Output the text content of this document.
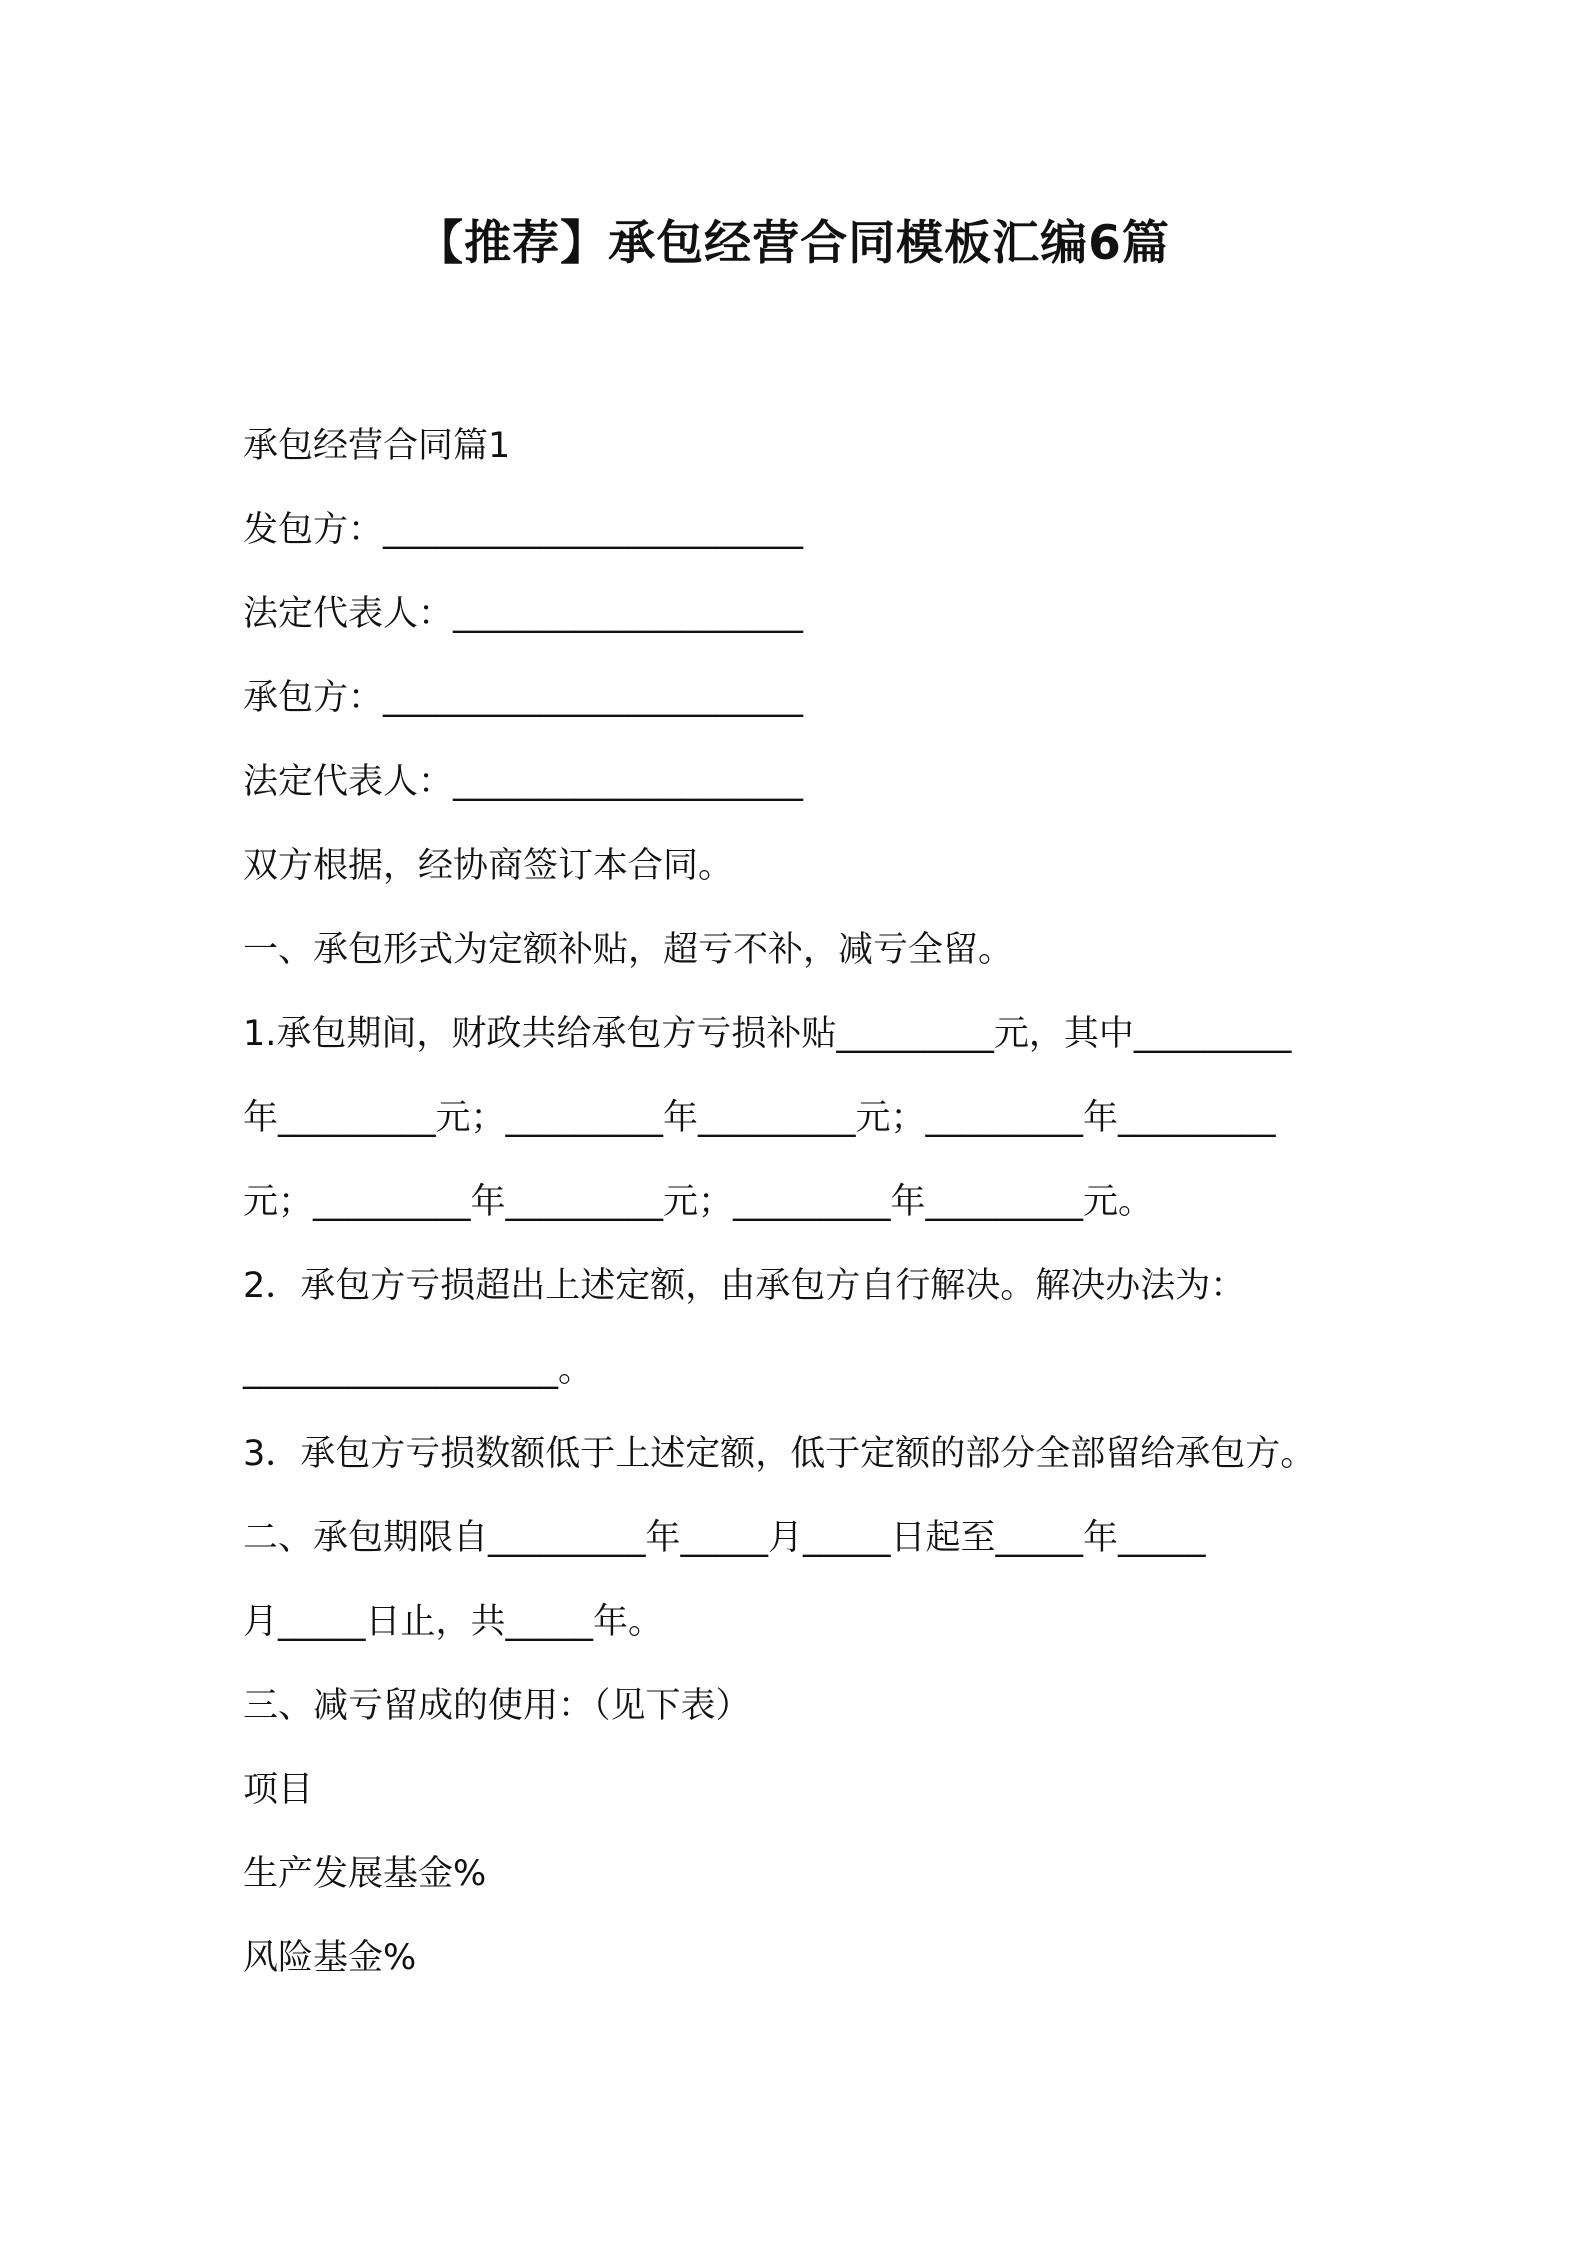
【推荐】承包经营合同模板汇编6篇
承包经营合同篇1
发包方：________________________
法定代表人：____________________
承包方：________________________
法定代表人：____________________
双方根据，经协商签订本合同。
一、承包形式为定额补贴，超亏不补，减亏全留。
1.承包期间，财政共给承包方亏损补贴_________元，其中_________
年_________元；_________年_________元；_________年_________
元；_________年_________元；_________年_________元。
2．承包方亏损超出上述定额，由承包方自行解决。解决办法为：
__________________。
3．承包方亏损数额低于上述定额，低于定额的部分全部留给承包方。
二、承包期限自_________年_____月_____日起至_____年_____
月_____日止，共_____年。
三、减亏留成的使用：（见下表）
项目
生产发展基金%
风险基金%
